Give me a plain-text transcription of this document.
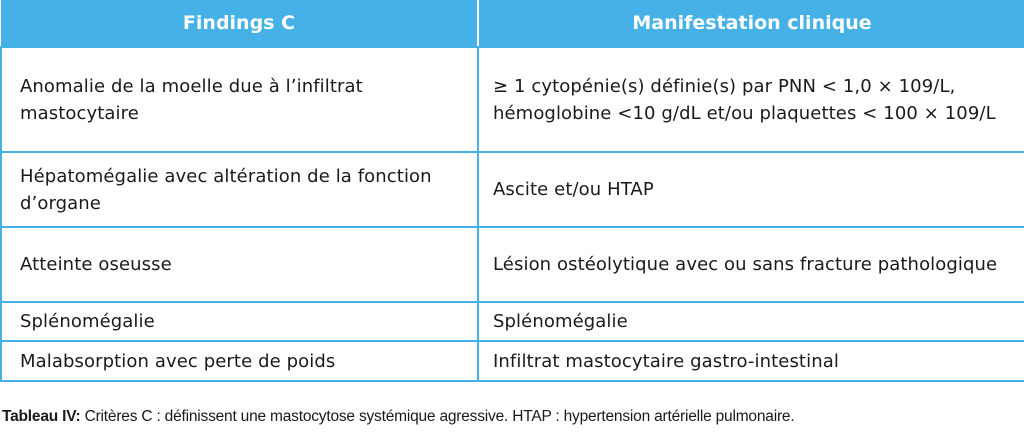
Findings C	Manifestation clinique
Anomalie de la moelle due à l’infiltrat mastocytaire	≥ 1 cytopénie(s) définie(s) par PNN < 1,0 × 109/L, hémoglobine <10 g/dL et/ou plaquettes < 100 × 109/L
Hépatomégalie avec altération de la fonction d’organe	Ascite et/ou HTAP
Atteinte oseusse	Lésion ostéolytique avec ou sans fracture pathologique
Splénomégalie	Splénomégalie
Malabsorption avec perte de poids	Infiltrat mastocytaire gastro-intestinal
Tableau IV: Critères C : définissent une mastocytose systémique agressive. HTAP : hypertension artérielle pulmonaire.
